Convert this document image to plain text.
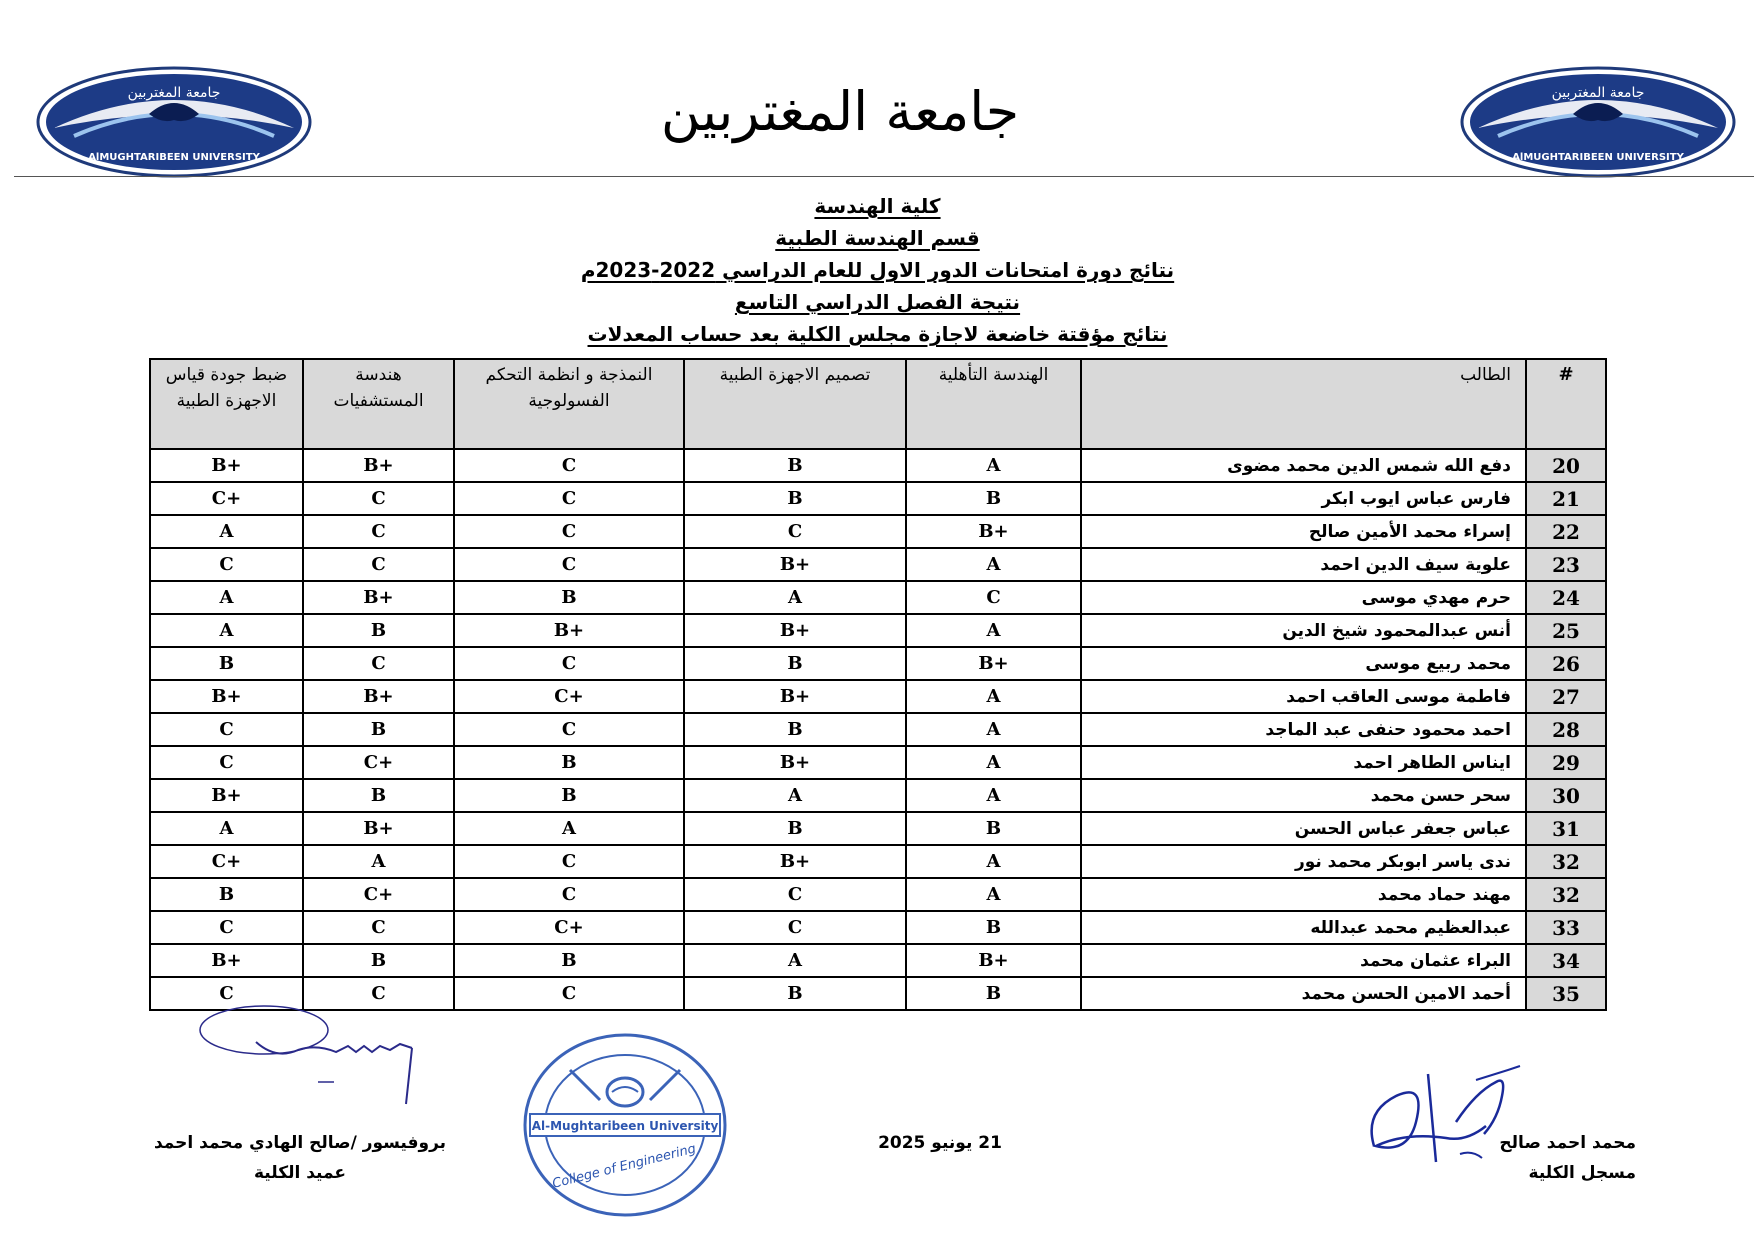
جامعة المغتربين
AlMUGHTARIBEEN UNIVERSITY
جامعة المغتربين
AlMUGHTARIBEEN UNIVERSITY
جامعة المغتربين
كلية الهندسة
قسم الهندسة الطبية
نتائج دورة امتحانات الدور الاول للعام الدراسي 2022-2023م
نتيجة الفصل الدراسي التاسع
نتائج مؤقتة خاضعة لاجازة مجلس الكلية بعد حساب المعدلات
#	الطالب	الهندسة التأهلية	تصميم الاجهزة الطبية	النمذجة و انظمة التحكم الفسولوجية	هندسة المستشفيات	ضبط جودة قياس الاجهزة الطبية
20	دفع الله شمس الدين محمد مضوى	A	B	C	B+	B+
21	فارس عباس ايوب ابكر	B	B	C	C	C+
22	إسراء محمد الأمين صالح	B+	C	C	C	A
23	علوية سيف الدين احمد	A	B+	C	C	C
24	حرم مهدي موسى	C	A	B	B+	A
25	أنس عبدالمحمود شيخ الدين	A	B+	B+	B	A
26	محمد ربيع موسى	B+	B	C	C	B
27	فاطمة موسى العاقب احمد	A	B+	C+	B+	B+
28	احمد محمود حنفى عبد الماجد	A	B	C	B	C
29	ايناس الطاهر احمد	A	B+	B	C+	C
30	سحر حسن محمد	A	A	B	B	B+
31	عباس جعفر عباس الحسن	B	B	A	B+	A
32	ندى ياسر ابوبكر محمد نور	A	B+	C	A	C+
32	مهند حماد محمد	A	C	C	C+	B
33	عبدالعظيم محمد عبدالله	B	C	C+	C	C
34	البراء عثمان محمد	B+	A	B	B	B+
35	أحمد الامين الحسن محمد	B	B	C	C	C
Al-Mughtaribeen University
College of Engineering	محمد احمد صالح
مسجل الكلية
21 يونيو 2025
بروفيسور /صالح الهادي محمد احمد
عميد الكلية
